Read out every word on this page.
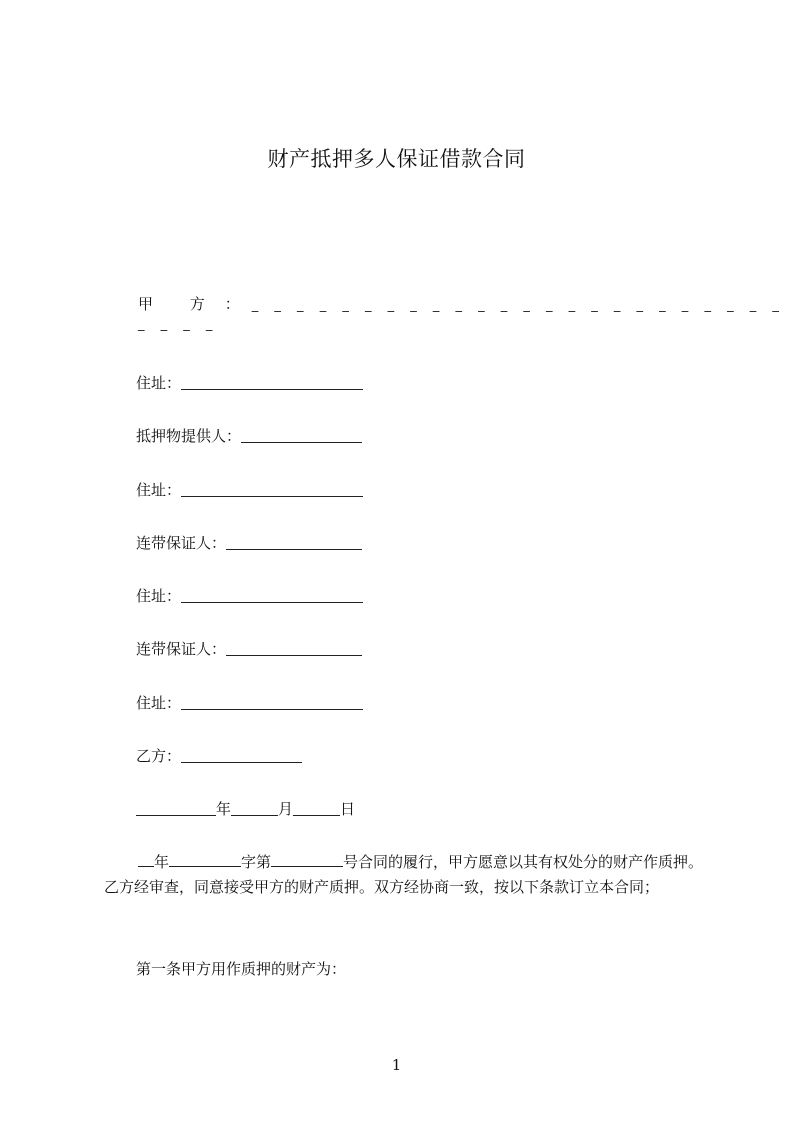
财产抵押多人保证借款合同
甲 方 ： _ _ _ _ _ _ _ _ _ _ _ _ _ _ _ _ _ _ _ _ _ _ _ _ _ _ _ _
住址：
抵押物提供人：
住址：
连带保证人：
住址：
连带保证人：
住址：
乙方：
年	月	日
年	字第	号合同的履行，甲方愿意以其有权处分的财产作质押。乙方经审查，同意接受甲方的财产质押。双方经协商一致，按以下条款订立本合同；
第一条甲方用作质押的财产为：
1
